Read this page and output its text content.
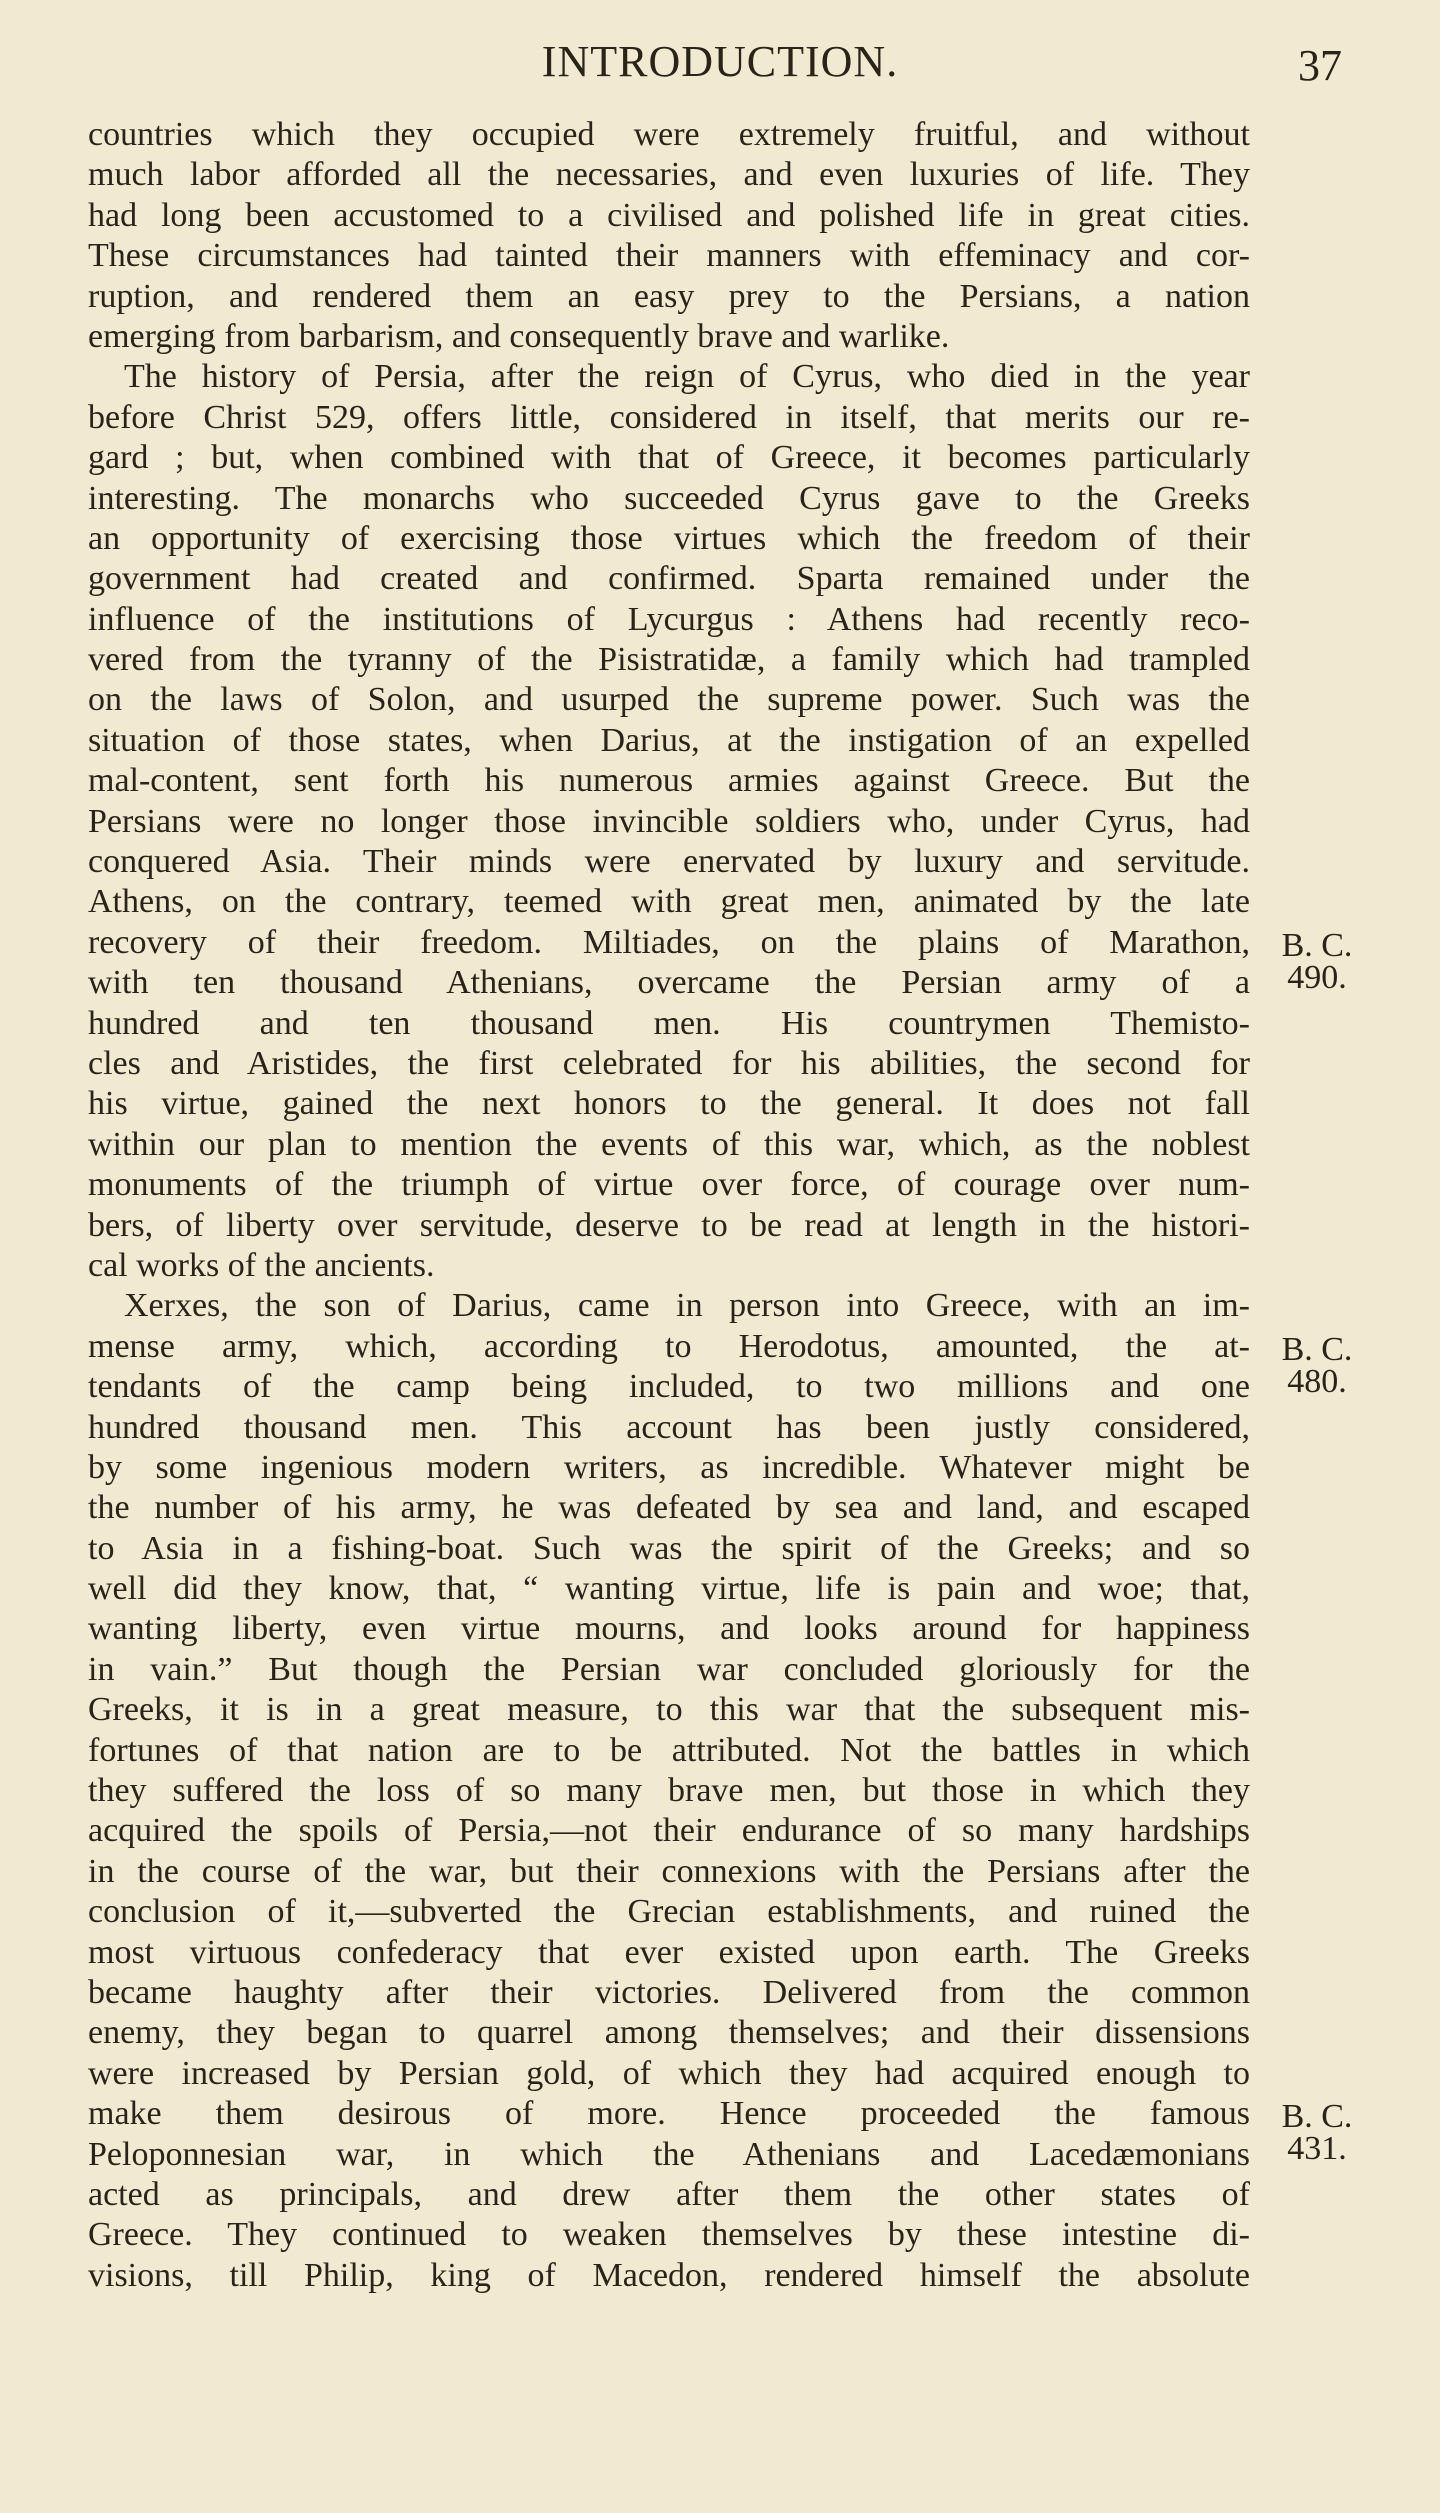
INTRODUCTION.	37
countries which they occupied were extremely fruitful, and without
much labor afforded all the necessaries, and even luxuries of life. They
had long been accustomed to a civilised and polished life in great cities.
These circumstances had tainted their manners with effeminacy and cor-
ruption, and rendered them an easy prey to the Persians, a nation
emerging from barbarism, and consequently brave and warlike.
The history of Persia, after the reign of Cyrus, who died in the year
before Christ 529, offers little, considered in itself, that merits our re-
gard ; but, when combined with that of Greece, it becomes particularly
interesting. The monarchs who succeeded Cyrus gave to the Greeks
an opportunity of exercising those virtues which the freedom of their
government had created and confirmed. Sparta remained under the
influence of the institutions of Lycurgus : Athens had recently reco-
vered from the tyranny of the Pisistratidæ, a family which had trampled
on the laws of Solon, and usurped the supreme power. Such was the
situation of those states, when Darius, at the instigation of an expelled
mal-content, sent forth his numerous armies against Greece. But the
Persians were no longer those invincible soldiers who, under Cyrus, had
conquered Asia. Their minds were enervated by luxury and servitude.
Athens, on the contrary, teemed with great men, animated by the late
recovery of their freedom. Miltiades, on the plains of Marathon,
with ten thousand Athenians, overcame the Persian army of a
hundred and ten thousand men. His countrymen Themisto-
cles and Aristides, the first celebrated for his abilities, the second for
his virtue, gained the next honors to the general. It does not fall
within our plan to mention the events of this war, which, as the noblest
monuments of the triumph of virtue over force, of courage over num-
bers, of liberty over servitude, deserve to be read at length in the histori-
cal works of the ancients.
Xerxes, the son of Darius, came in person into Greece, with an im-
mense army, which, according to Herodotus, amounted, the at-
tendants of the camp being included, to two millions and one
hundred thousand men. This account has been justly considered,
by some ingenious modern writers, as incredible. Whatever might be
the number of his army, he was defeated by sea and land, and escaped
to Asia in a fishing-boat. Such was the spirit of the Greeks; and so
well did they know, that, “ wanting virtue, life is pain and woe; that,
wanting liberty, even virtue mourns, and looks around for happiness
in vain.” But though the Persian war concluded gloriously for the
Greeks, it is in a great measure, to this war that the subsequent mis-
fortunes of that nation are to be attributed. Not the battles in which
they suffered the loss of so many brave men, but those in which they
acquired the spoils of Persia,—not their endurance of so many hardships
in the course of the war, but their connexions with the Persians after the
conclusion of it,—subverted the Grecian establishments, and ruined the
most virtuous confederacy that ever existed upon earth. The Greeks
became haughty after their victories. Delivered from the common
enemy, they began to quarrel among themselves; and their dissensions
were increased by Persian gold, of which they had acquired enough to
make them desirous of more. Hence proceeded the famous
Peloponnesian war, in which the Athenians and Lacedæmonians
acted as principals, and drew after them the other states of
Greece. They continued to weaken themselves by these intestine di-
visions, till Philip, king of Macedon, rendered himself the absolute
B. C.
490.
B. C.
480.
B. C.
431.
